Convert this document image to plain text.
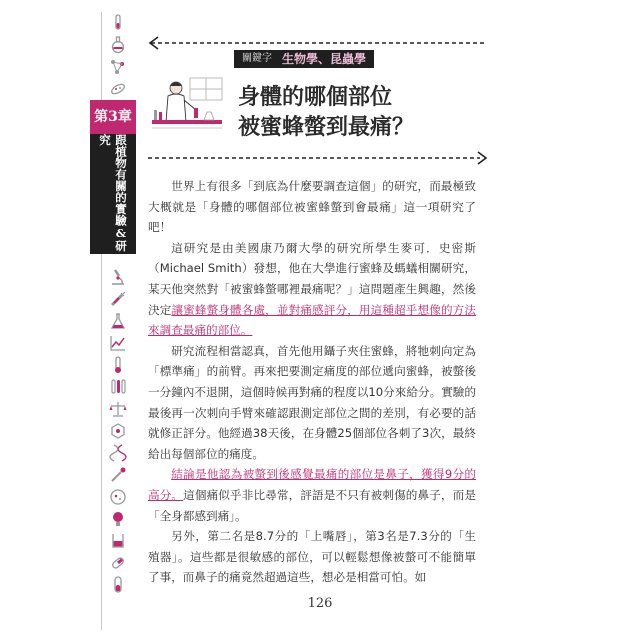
第3章
跟植物有關的實驗&研究
關鍵字 生物學、昆蟲學
身體的哪個部位
被蜜蜂螫到最痛？

世界上有很多「到底為什麼要調查這個」的研究，而最極致大概就是「身體的哪個部位被蜜蜂螫到會最痛」這一項研究了吧！

這研究是由美國康乃爾大學的研究所學生麥可．史密斯（Michael Smith）發想，他在大學進行蜜蜂及螞蟻相關研究，某天他突然對「被蜜蜂螫哪裡最痛呢？」這問題產生興趣，然後決定讓蜜蜂螫身體各處，並對痛感評分，用這種超乎想像的方法來調查最痛的部位。

研究流程相當認真，首先他用鑷子夾住蜜蜂，將牠刺向定為「標準痛」的前臂。再來把要測定痛度的部位遞向蜜蜂，被螫後一分鐘內不退開，這個時候再對痛的程度以10分來給分。實驗的最後再一次刺向手臂來確認跟測定部位之間的差別，有必要的話就修正評分。他經過38天後，在身體25個部位各刺了3次，最終給出每個部位的痛度。

結論是他認為被螫到後感覺最痛的部位是鼻子，獲得9分的高分。這個痛似乎非比尋常，評語是不只有被刺傷的鼻子，而是「全身都感到痛」。

另外，第二名是8.7分的「上嘴唇」，第3名是7.3分的「生殖器」。這些都是很敏感的部位，可以輕鬆想像被螫可不能簡單了事，而鼻子的痛竟然超過這些，想必是相當可怕。如

126
